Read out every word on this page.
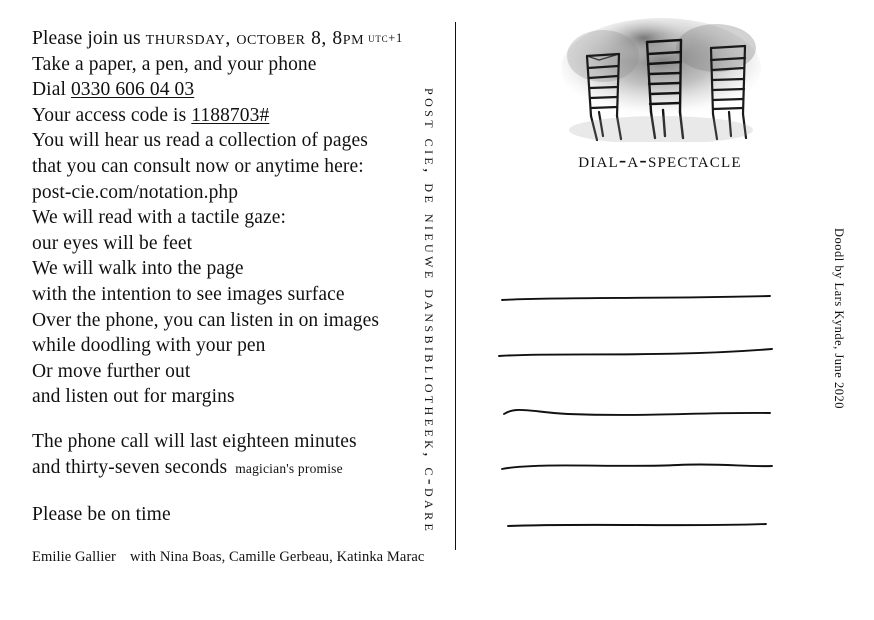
Please join us thursday, october 8, 8pm utc+1
Take a paper, a pen, and your phone
Dial 0330 606 04 03
Your access code is 1188703#
You will hear us read a collection of pages
that you can consult now or anytime here:
post-cie.com/notation.php
We will read with a tactile gaze:
our eyes will be feet
We will walk into the page
with the intention to see images surface
Over the phone, you can listen in on images
while doodling with your pen
Or move further out
and listen out for margins
The phone call will last eighteen minutes
and thirty-seven seconds magician's promise
Please be on time
Emilie Gallier with Nina Boas, Camille Gerbeau, Katinka Marac
post cie, de nieuwe dansbibliotheek, c-dare	dial-a-spectacle
Doodl by Lars Kynde, June 2020
